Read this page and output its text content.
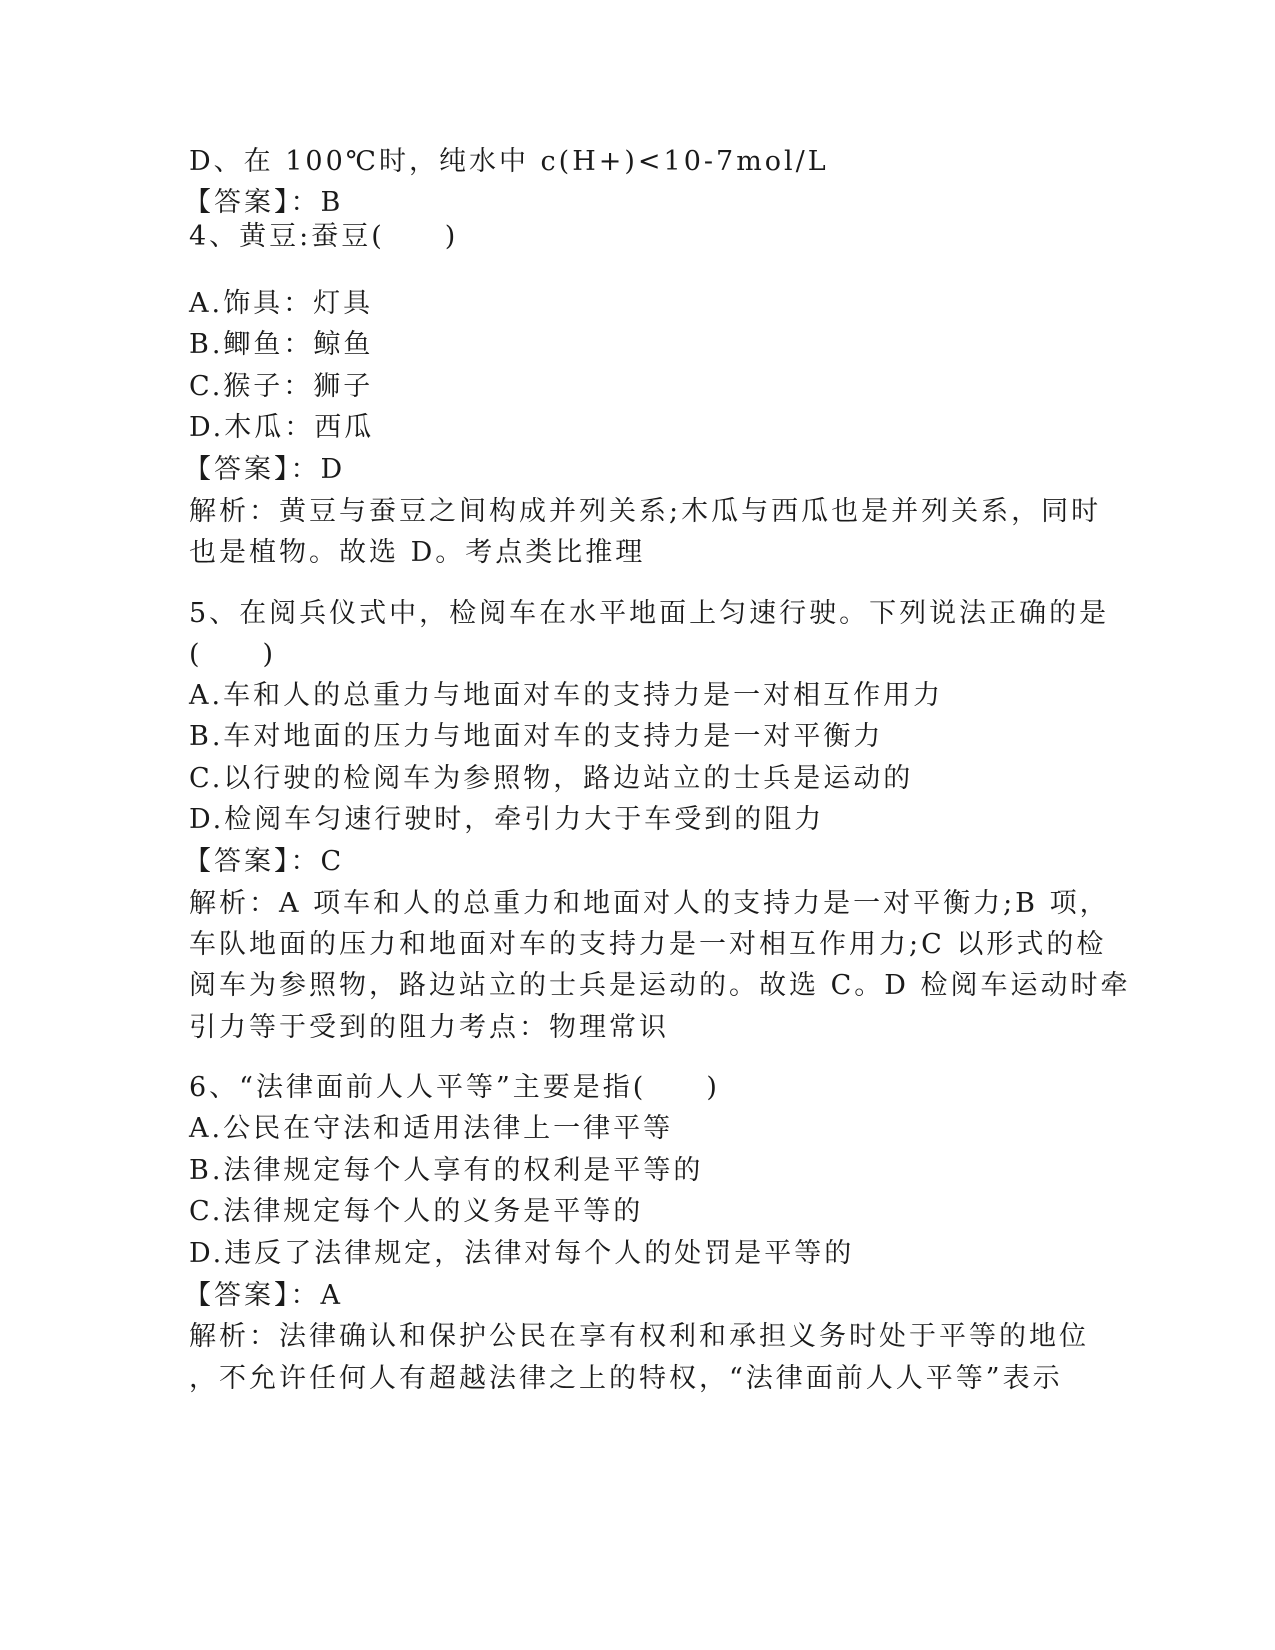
D、在 100℃时，纯水中 c(H+)<10-7mol/L
【答案】：B
4、黄豆:蚕豆(　　)
A.饰具：灯具
B.鲫鱼：鲸鱼
C.猴子：狮子
D.木瓜：西瓜
【答案】：D
解析：黄豆与蚕豆之间构成并列关系;木瓜与西瓜也是并列关系，同时
也是植物。故选 D。考点类比推理
5、在阅兵仪式中，检阅车在水平地面上匀速行驶。下列说法正确的是
(　　)
A.车和人的总重力与地面对车的支持力是一对相互作用力
B.车对地面的压力与地面对车的支持力是一对平衡力
C.以行驶的检阅车为参照物，路边站立的士兵是运动的
D.检阅车匀速行驶时，牵引力大于车受到的阻力
【答案】：C
解析：A 项车和人的总重力和地面对人的支持力是一对平衡力;B 项，
车队地面的压力和地面对车的支持力是一对相互作用力;C 以形式的检
阅车为参照物，路边站立的士兵是运动的。故选 C。D 检阅车运动时牵
引力等于受到的阻力考点：物理常识
6、“法律面前人人平等”主要是指(　　)
A.公民在守法和适用法律上一律平等
B.法律规定每个人享有的权利是平等的
C.法律规定每个人的义务是平等的
D.违反了法律规定，法律对每个人的处罚是平等的
【答案】：A
解析：法律确认和保护公民在享有权利和承担义务时处于平等的地位
，不允许任何人有超越法律之上的特权，“法律面前人人平等”表示
